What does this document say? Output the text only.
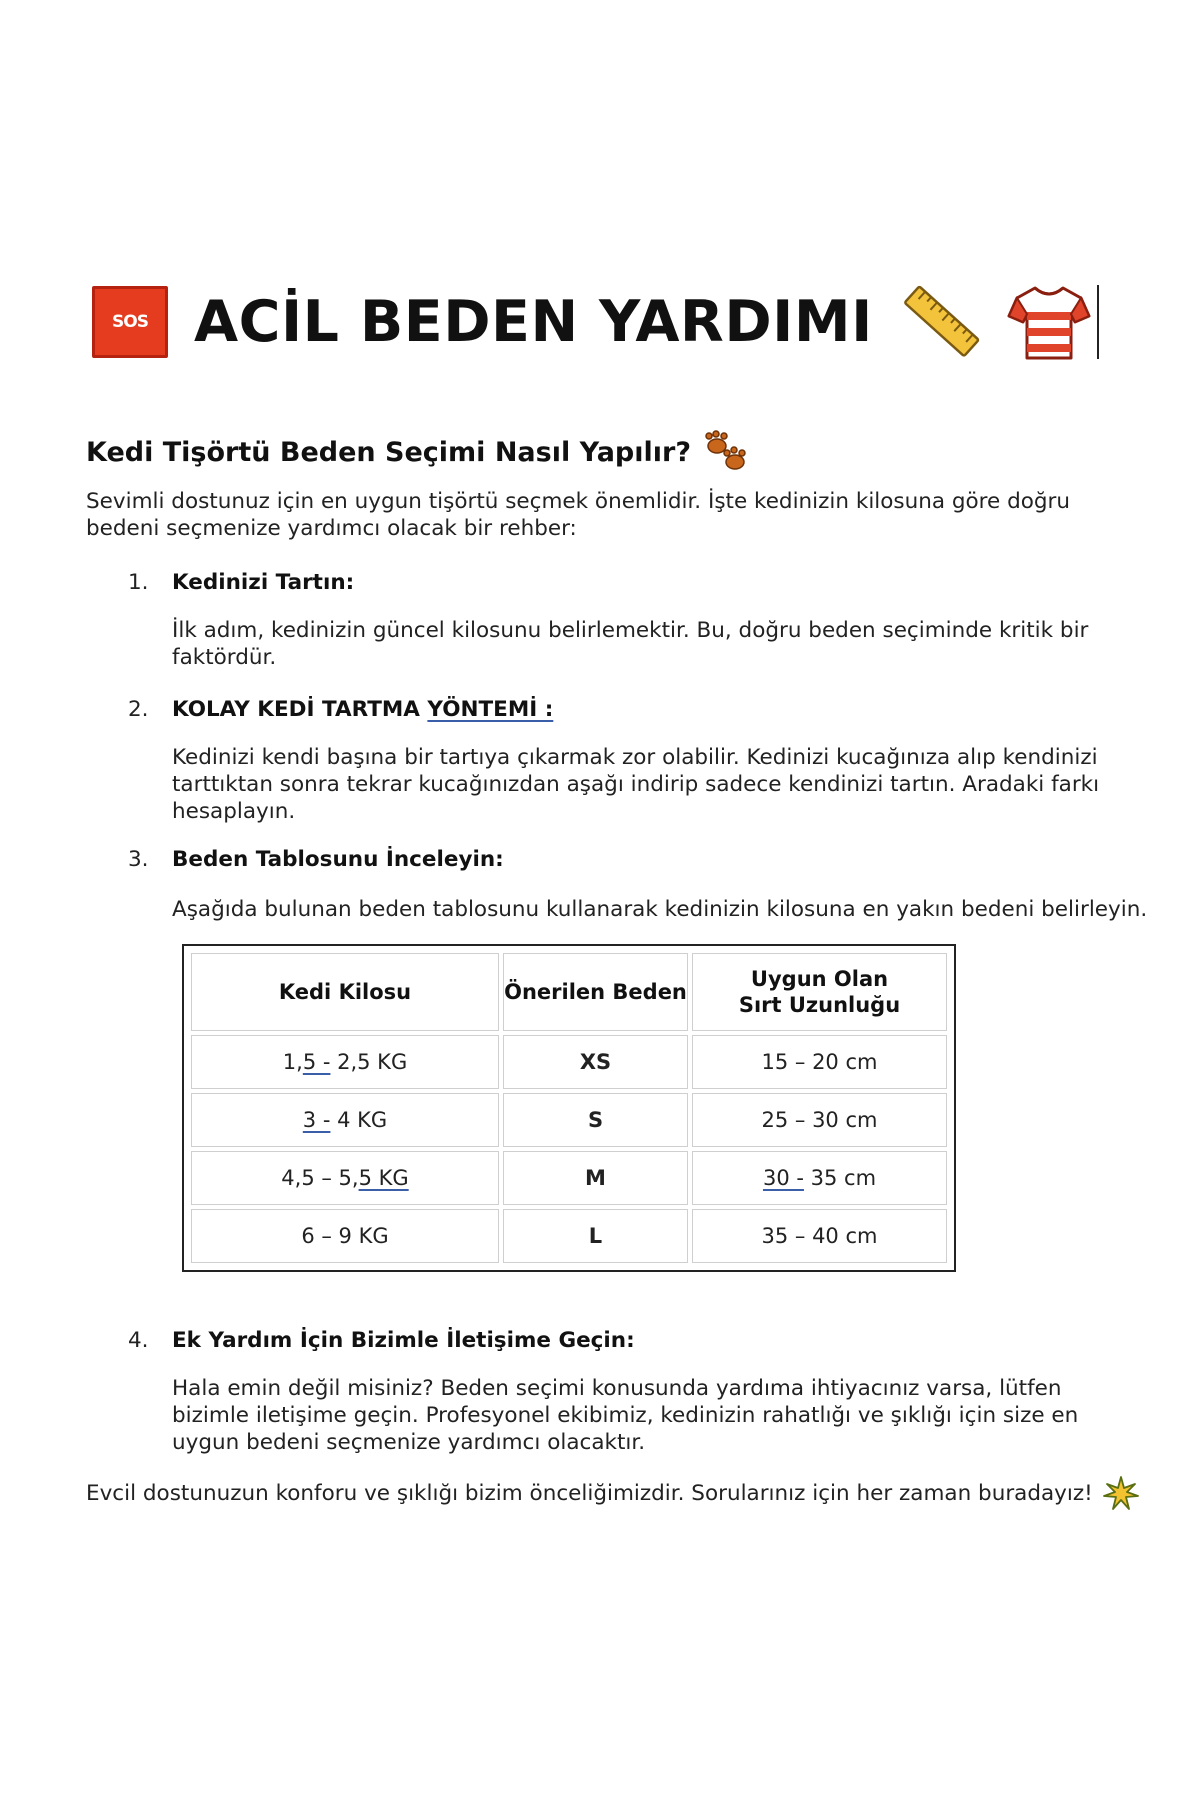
SOS ACİL BEDEN YARDIMI
Kedi Tişörtü Beden Seçimi Nasıl Yapılır?
Sevimli dostunuz için en uygun tişörtü seçmek önemlidir. İşte kedinizin kilosuna göre doğru bedeni seçmenize yardımcı olacak bir rehber:
1. Kedinizi Tartın:
İlk adım, kedinizin güncel kilosunu belirlemektir. Bu, doğru beden seçiminde kritik bir faktördür.
2. KOLAY KEDİ TARTMA YÖNTEMİ :
Kedinizi kendi başına bir tartıya çıkarmak zor olabilir. Kedinizi kucağınıza alıp kendinizi tarttıktan sonra tekrar kucağınızdan aşağı indirip sadece kendinizi tartın. Aradaki farkı hesaplayın.
3. Beden Tablosunu İnceleyin:
Aşağıda bulunan beden tablosunu kullanarak kedinizin kilosuna en yakın bedeni belirleyin.
Kedi Kilosu	Önerilen Beden	Uygun Olan
Sırt Uzunluğu
1,5 - 2,5 KG	XS	15 – 20 cm
3 - 4 KG	S	25 – 30 cm
4,5 – 5,5 KG	M	30 - 35 cm
6 – 9 KG	L	35 – 40 cm
4. Ek Yardım İçin Bizimle İletişime Geçin:
Hala emin değil misiniz? Beden seçimi konusunda yardıma ihtiyacınız varsa, lütfen bizimle iletişime geçin. Profesyonel ekibimiz, kedinizin rahatlığı ve şıklığı için size en uygun bedeni seçmenize yardımcı olacaktır.
Evcil dostunuzun konforu ve şıklığı bizim önceliğimizdir. Sorularınız için her zaman buradayız!
